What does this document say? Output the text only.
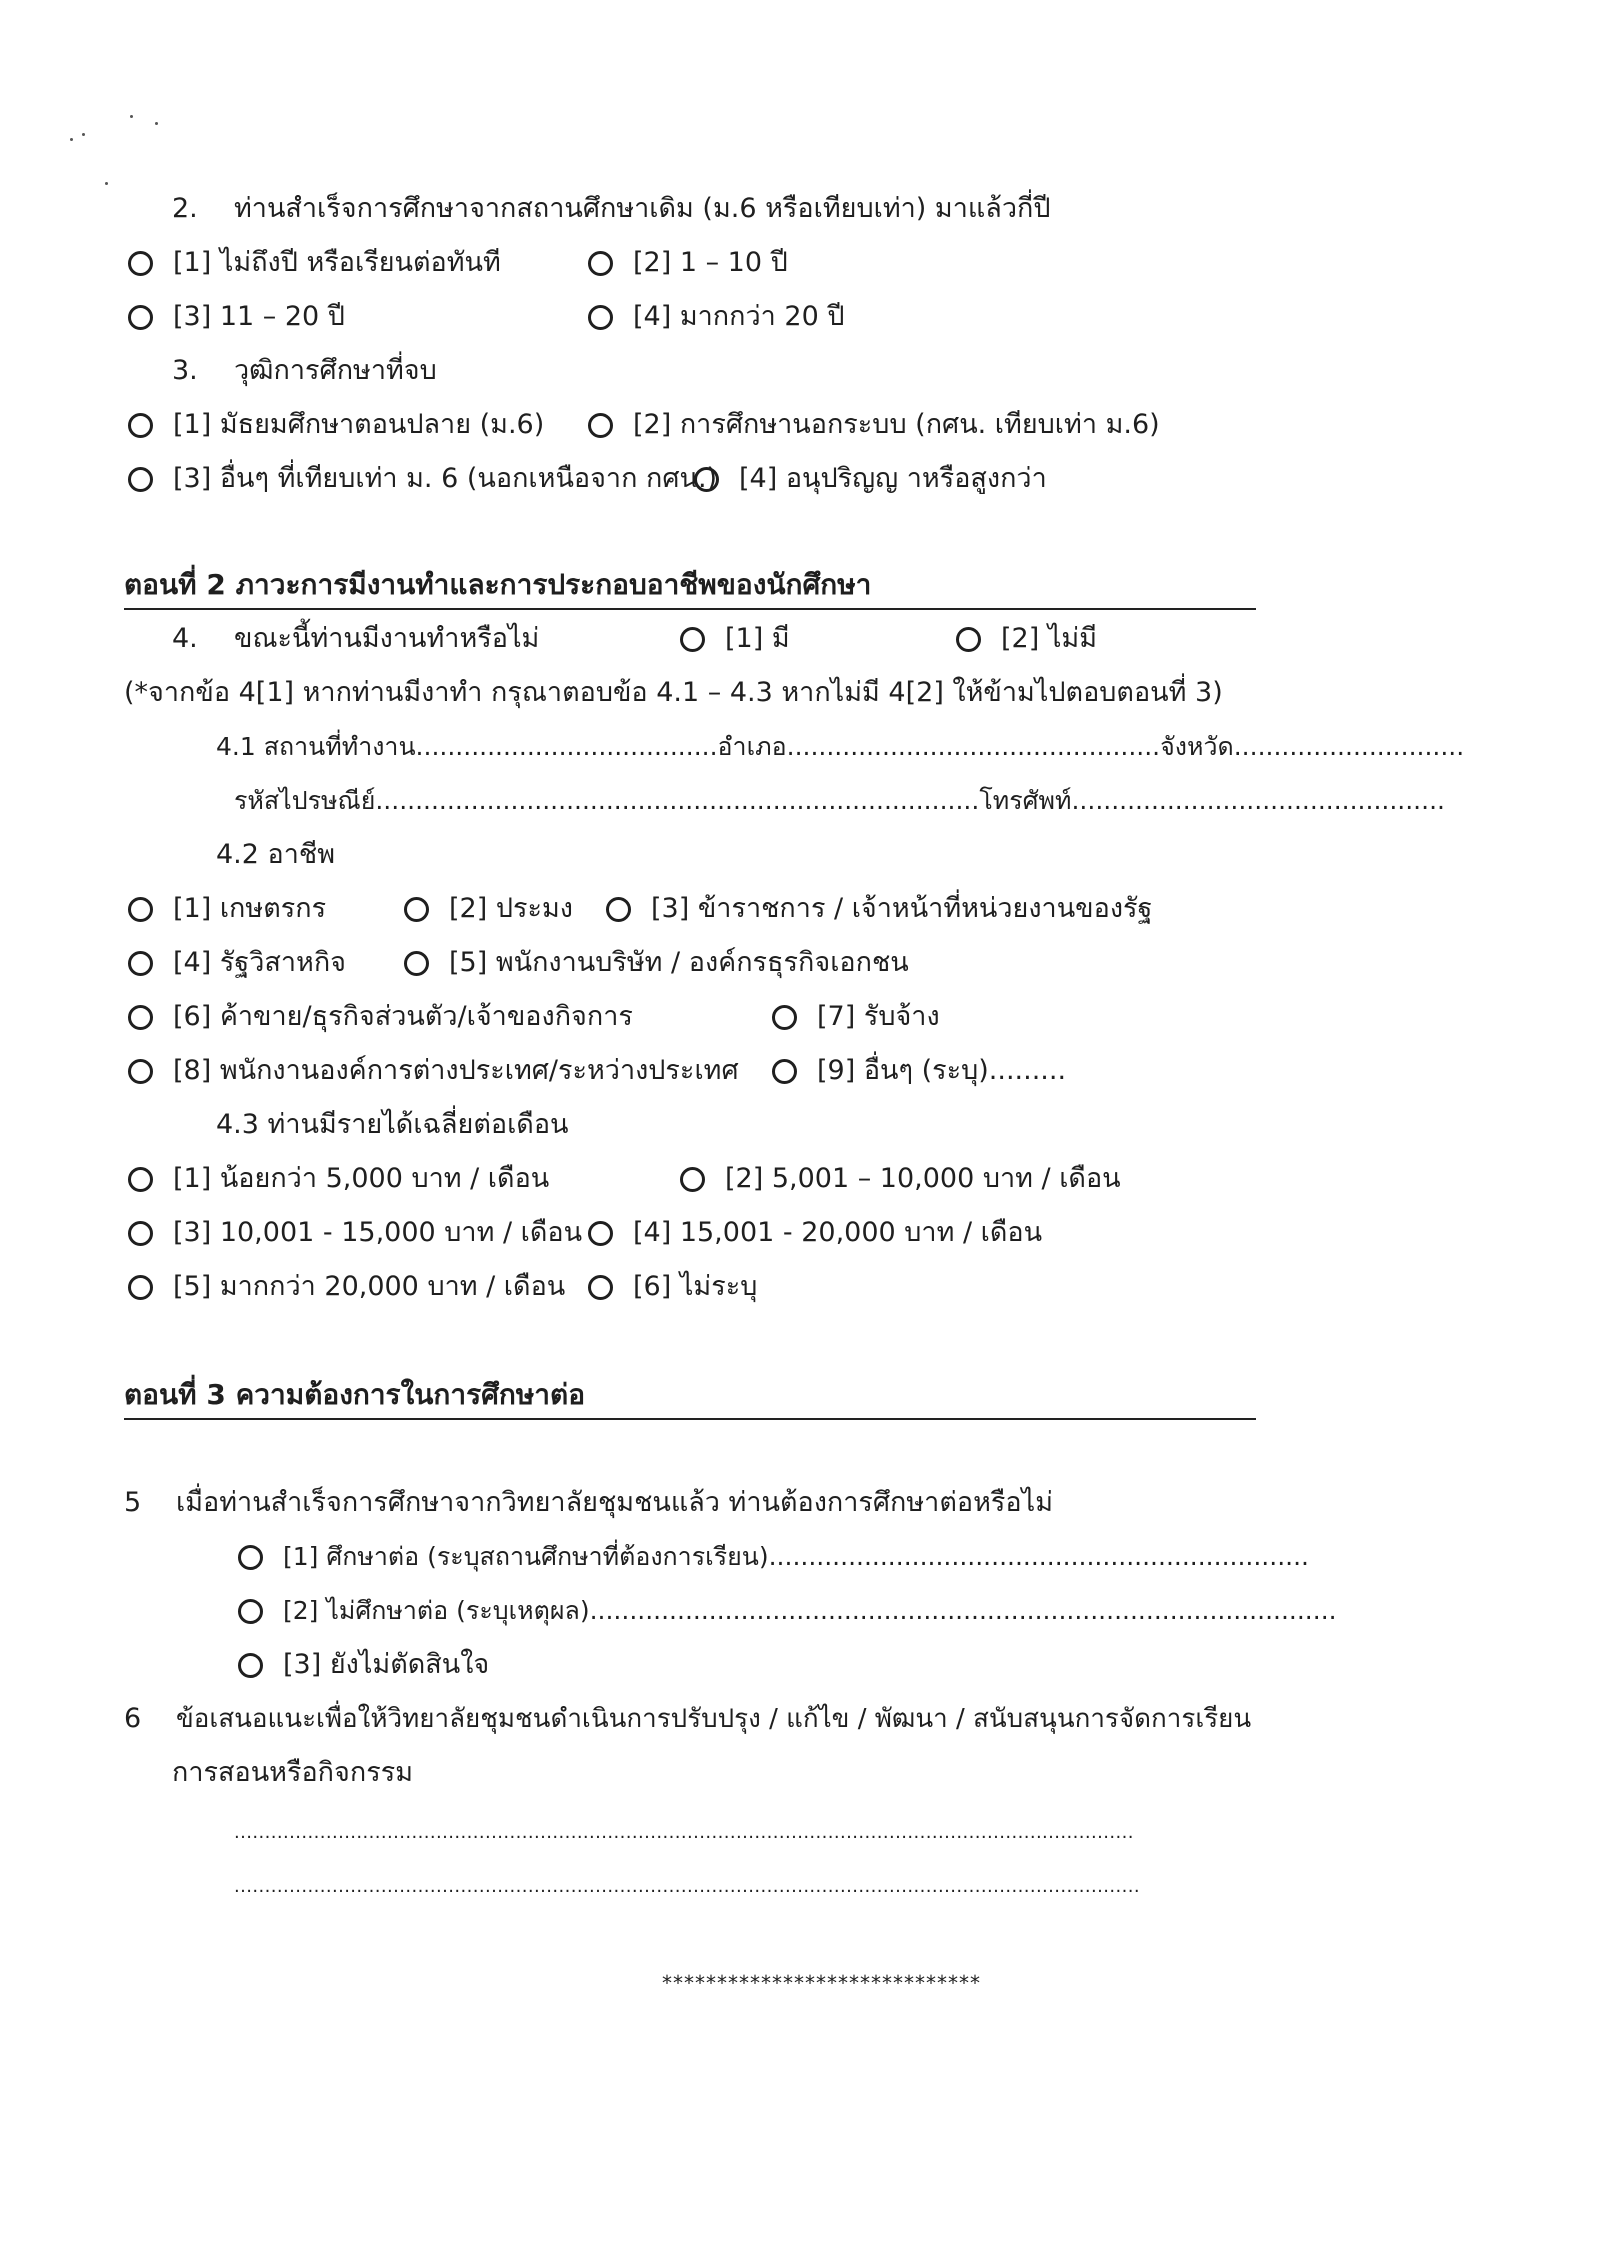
2. ท่านสำเร็จการศึกษาจากสถานศึกษาเดิม (ม.6 หรือเทียบเท่า) มาแล้วกี่ปี
[1] ไม่ถึงปี หรือเรียนต่อทันที	[2] 1 – 10 ปี
[3] 11 – 20 ปี	[4] มากกว่า 20 ปี
3. วุฒิการศึกษาที่จบ
[1] มัธยมศึกษาตอนปลาย (ม.6)	[2] การศึกษานอกระบบ (กศน. เทียบเท่า ม.6)
[3] อื่นๆ ที่เทียบเท่า ม. 6 (นอกเหนือจาก กศน.) [4] อนุปริญญ าหรือสูงกว่า
ตอนที่ 2 ภาวะการมีงานทำและการประกอบอาชีพของนักศึกษา
4. ขณะนี้ท่านมีงานทำหรือไม่	[1] มี	[2] ไม่มี
(*จากข้อ 4[1] หากท่านมีงาทำ กรุณาตอบข้อ 4.1 – 4.3 หากไม่มี 4[2] ให้ข้ามไปตอบตอนที่ 3)
4.1 สถานที่ทำงาน......................................อำเภอ...............................................จังหวัด.............................
รหัสไปรษณีย์............................................................................โทรศัพท์...............................................
4.2 อาชีพ
[1] เกษตรกร	[2] ประมง	[3] ข้าราชการ / เจ้าหน้าที่หน่วยงานของรัฐ
[4] รัฐวิสาหกิจ	[5] พนักงานบริษัท / องค์กรธุรกิจเอกชน
[6] ค้าขาย/ธุรกิจส่วนตัว/เจ้าของกิจการ	[7] รับจ้าง
[8] พนักงานองค์การต่างประเทศ/ระหว่างประเทศ	[9] อื่นๆ (ระบุ).........
4.3 ท่านมีรายได้เฉลี่ยต่อเดือน
[1] น้อยกว่า 5,000 บาท / เดือน	[2] 5,001 – 10,000 บาท / เดือน
[3] 10,001 - 15,000 บาท / เดือน [4] 15,001 - 20,000 บาท / เดือน
[5] มากกว่า 20,000 บาท / เดือน	[6] ไม่ระบุ
ตอนที่ 3 ความต้องการในการศึกษาต่อ
5 เมื่อท่านสำเร็จการศึกษาจากวิทยาลัยชุมชนแล้ว ท่านต้องการศึกษาต่อหรือไม่
[1] ศึกษาต่อ (ระบุสถานศึกษาที่ต้องการเรียน)....................................................................
[2] ไม่ศึกษาต่อ (ระบุเหตุผล)..............................................................................................
[3] ยังไม่ตัดสินใจ
6 ข้อเสนอแนะเพื่อให้วิทยาลัยชุมชนดำเนินการปรับปรุง / แก้ไข / พัฒนา / สนับสนุนการจัดการเรียน
การสอนหรือกิจกรรม
...................................................................................................................................................
....................................................................................................................................................
*****************************
